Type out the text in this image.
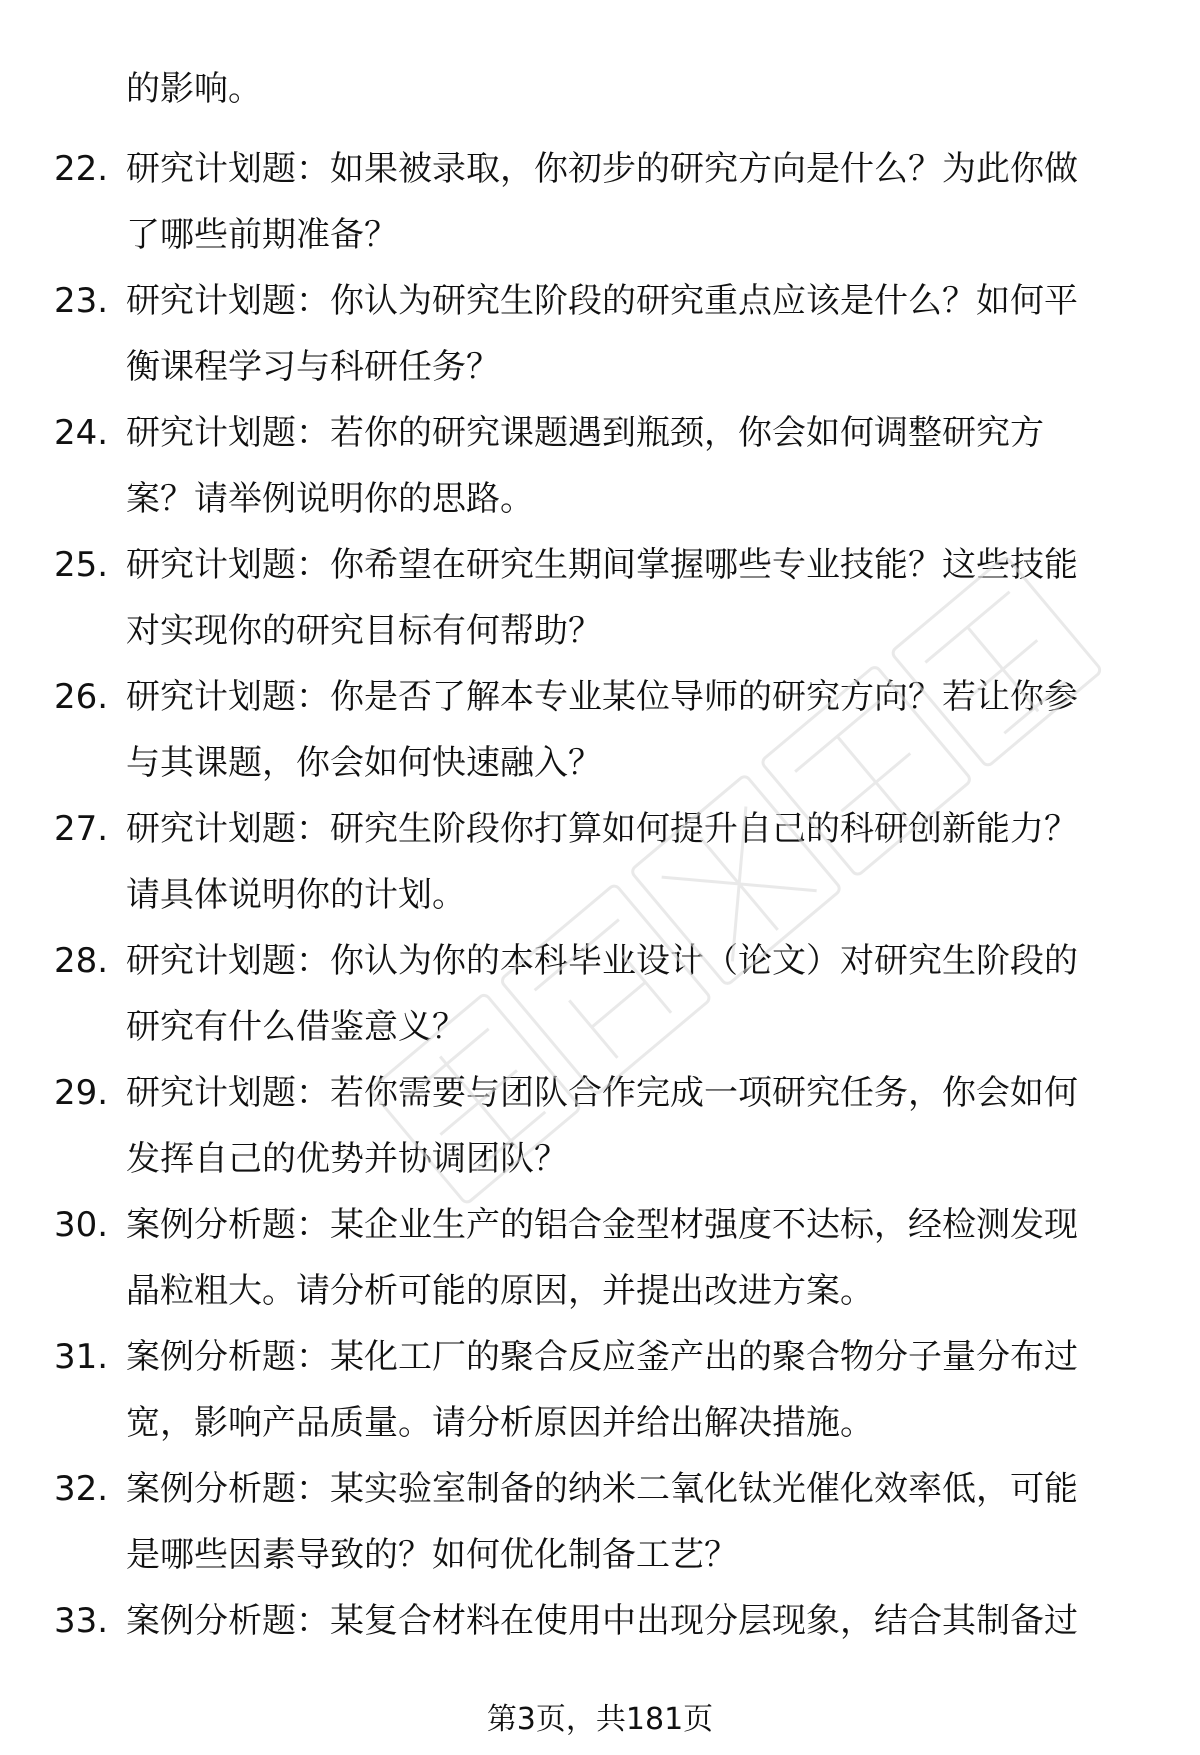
的影响。
22. 研究计划题：如果被录取，你初步的研究方向是什么？为此你做
了哪些前期准备？
23. 研究计划题：你认为研究生阶段的研究重点应该是什么？如何平
衡课程学习与科研任务？
24. 研究计划题：若你的研究课题遇到瓶颈，你会如何调整研究方
案？请举例说明你的思路。
25. 研究计划题：你希望在研究生期间掌握哪些专业技能？这些技能
对实现你的研究目标有何帮助？
26. 研究计划题：你是否了解本专业某位导师的研究方向？若让你参
与其课题，你会如何快速融入？
27. 研究计划题：研究生阶段你打算如何提升自己的科研创新能力？
请具体说明你的计划。
28. 研究计划题：你认为你的本科毕业设计（论文）对研究生阶段的
研究有什么借鉴意义？
29. 研究计划题：若你需要与团队合作完成一项研究任务，你会如何
发挥自己的优势并协调团队？
30. 案例分析题：某企业生产的铝合金型材强度不达标，经检测发现
晶粒粗大。请分析可能的原因，并提出改进方案。
31. 案例分析题：某化工厂的聚合反应釜产出的聚合物分子量分布过
宽，影响产品质量。请分析原因并给出解决措施。
32. 案例分析题：某实验室制备的纳米二氧化钛光催化效率低，可能
是哪些因素导致的？如何优化制备工艺？
33. 案例分析题：某复合材料在使用中出现分层现象，结合其制备过
第3页，共181页
